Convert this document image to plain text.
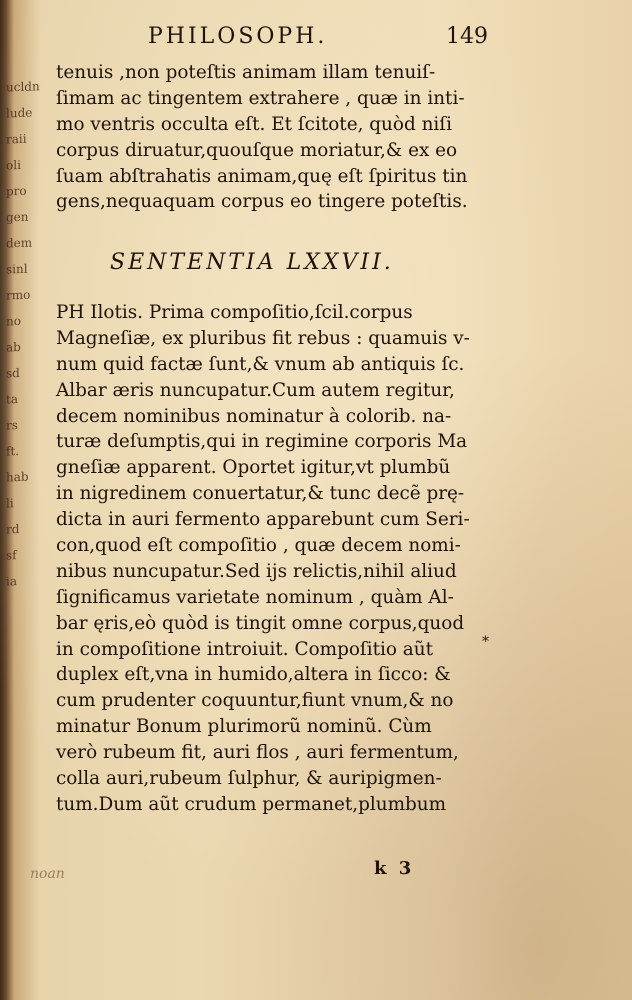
PHILOSOPH.	149
ucldn
lude
raii
oli
pro
gen
dem
sinl
rmo
no
ab
sd
ta
rs
ft.
hab
li
rd
sf
ia
tenuis ,non poteſtis animam illam tenuiſ-
ſimam ac tingentem extrahere , quæ in inti-
mo ventris occulta eſt. Et ſcitote, quòd niſi
corpus diruatur,quouſque moriatur,& ex eo
ſuam abſtrahatis animam,quę eſt ſpiritus tin
gens,nequaquam corpus eo tingere poteſtis.
SENTENTIA LXXVII.
PH Ilotis. Prima compoſitio,ſcil.corpus
Magneſiæ, ex pluribus fit rebus : quamuis v-
num quid factæ ſunt,& vnum ab antiquis ſc.
Albar æris nuncupatur.Cum autem regitur,
decem nominibus nominatur à colorib. na-
turæ deſumptis,qui in regimine corporis Ma
gneſiæ apparent. Oportet igitur,vt plumbũ
in nigredinem conuertatur,& tunc decẽ prę-
dicta in auri fermento apparebunt cum Seri-
con,quod eſt compoſitio , quæ decem nomi-
nibus nuncupatur.Sed ijs relictis,nihil aliud
ſignificamus varietate nominum , quàm Al-
bar ęris,eò quòd is tingit omne corpus,quod
in compoſitione introiuit. Compoſitio aũt
duplex eſt,vna in humido,altera in ſicco: &
cum prudenter coquuntur,fiunt vnum,& no
minatur Bonum plurimorũ nominũ. Cùm
verò rubeum fit, auri flos , auri fermentum,
colla auri,rubeum ſulphur, & auripigmen-
tum.Dum aũt crudum permanet,plumbum
*
noan	k 3
